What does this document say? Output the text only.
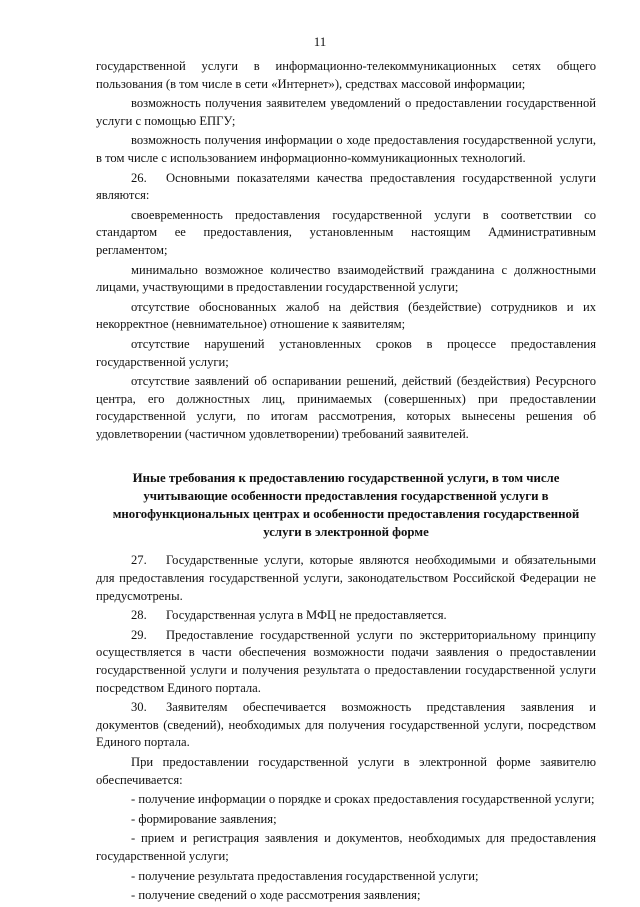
11
государственной услуги в информационно-телекоммуникационных сетях общего пользования (в том числе в сети «Интернет»), средствах массовой информации;
возможность получения заявителем уведомлений о предоставлении государственной услуги с помощью ЕПГУ;
возможность получения информации о ходе предоставления государственной услуги, в том числе с использованием информационно-коммуникационных технологий.
26. Основными показателями качества предоставления государственной услуги являются:
своевременность предоставления государственной услуги в соответствии со стандартом ее предоставления, установленным настоящим Административным регламентом;
минимально возможное количество взаимодействий гражданина с должностными лицами, участвующими в предоставлении государственной услуги;
отсутствие обоснованных жалоб на действия (бездействие) сотрудников и их некорректное (невнимательное) отношение к заявителям;
отсутствие нарушений установленных сроков в процессе предоставления государственной услуги;
отсутствие заявлений об оспаривании решений, действий (бездействия) Ресурсного центра, его должностных лиц, принимаемых (совершенных) при предоставлении государственной услуги, по итогам рассмотрения, которых вынесены решения об удовлетворении (частичном удовлетворении) требований заявителей.
Иные требования к предоставлению государственной услуги, в том числе учитывающие особенности предоставления государственной услуги в многофункциональных центрах и особенности предоставления государственной услуги в электронной форме
27. Государственные услуги, которые являются необходимыми и обязательными для предоставления государственной услуги, законодательством Российской Федерации не предусмотрены.
28. Государственная услуга в МФЦ не предоставляется.
29. Предоставление государственной услуги по экстерриториальному принципу осуществляется в части обеспечения возможности подачи заявления о предоставлении государственной услуги и получения результата о предоставлении государственной услуги посредством Единого портала.
30. Заявителям обеспечивается возможность представления заявления и документов (сведений), необходимых для получения государственной услуги, посредством Единого портала.
При предоставлении государственной услуги в электронной форме заявителю обеспечивается:
- получение информации о порядке и сроках предоставления государственной услуги;
- формирование заявления;
- прием и регистрация заявления и документов, необходимых для предоставления государственной услуги;
- получение результата предоставления государственной услуги;
- получение сведений о ходе рассмотрения заявления;
